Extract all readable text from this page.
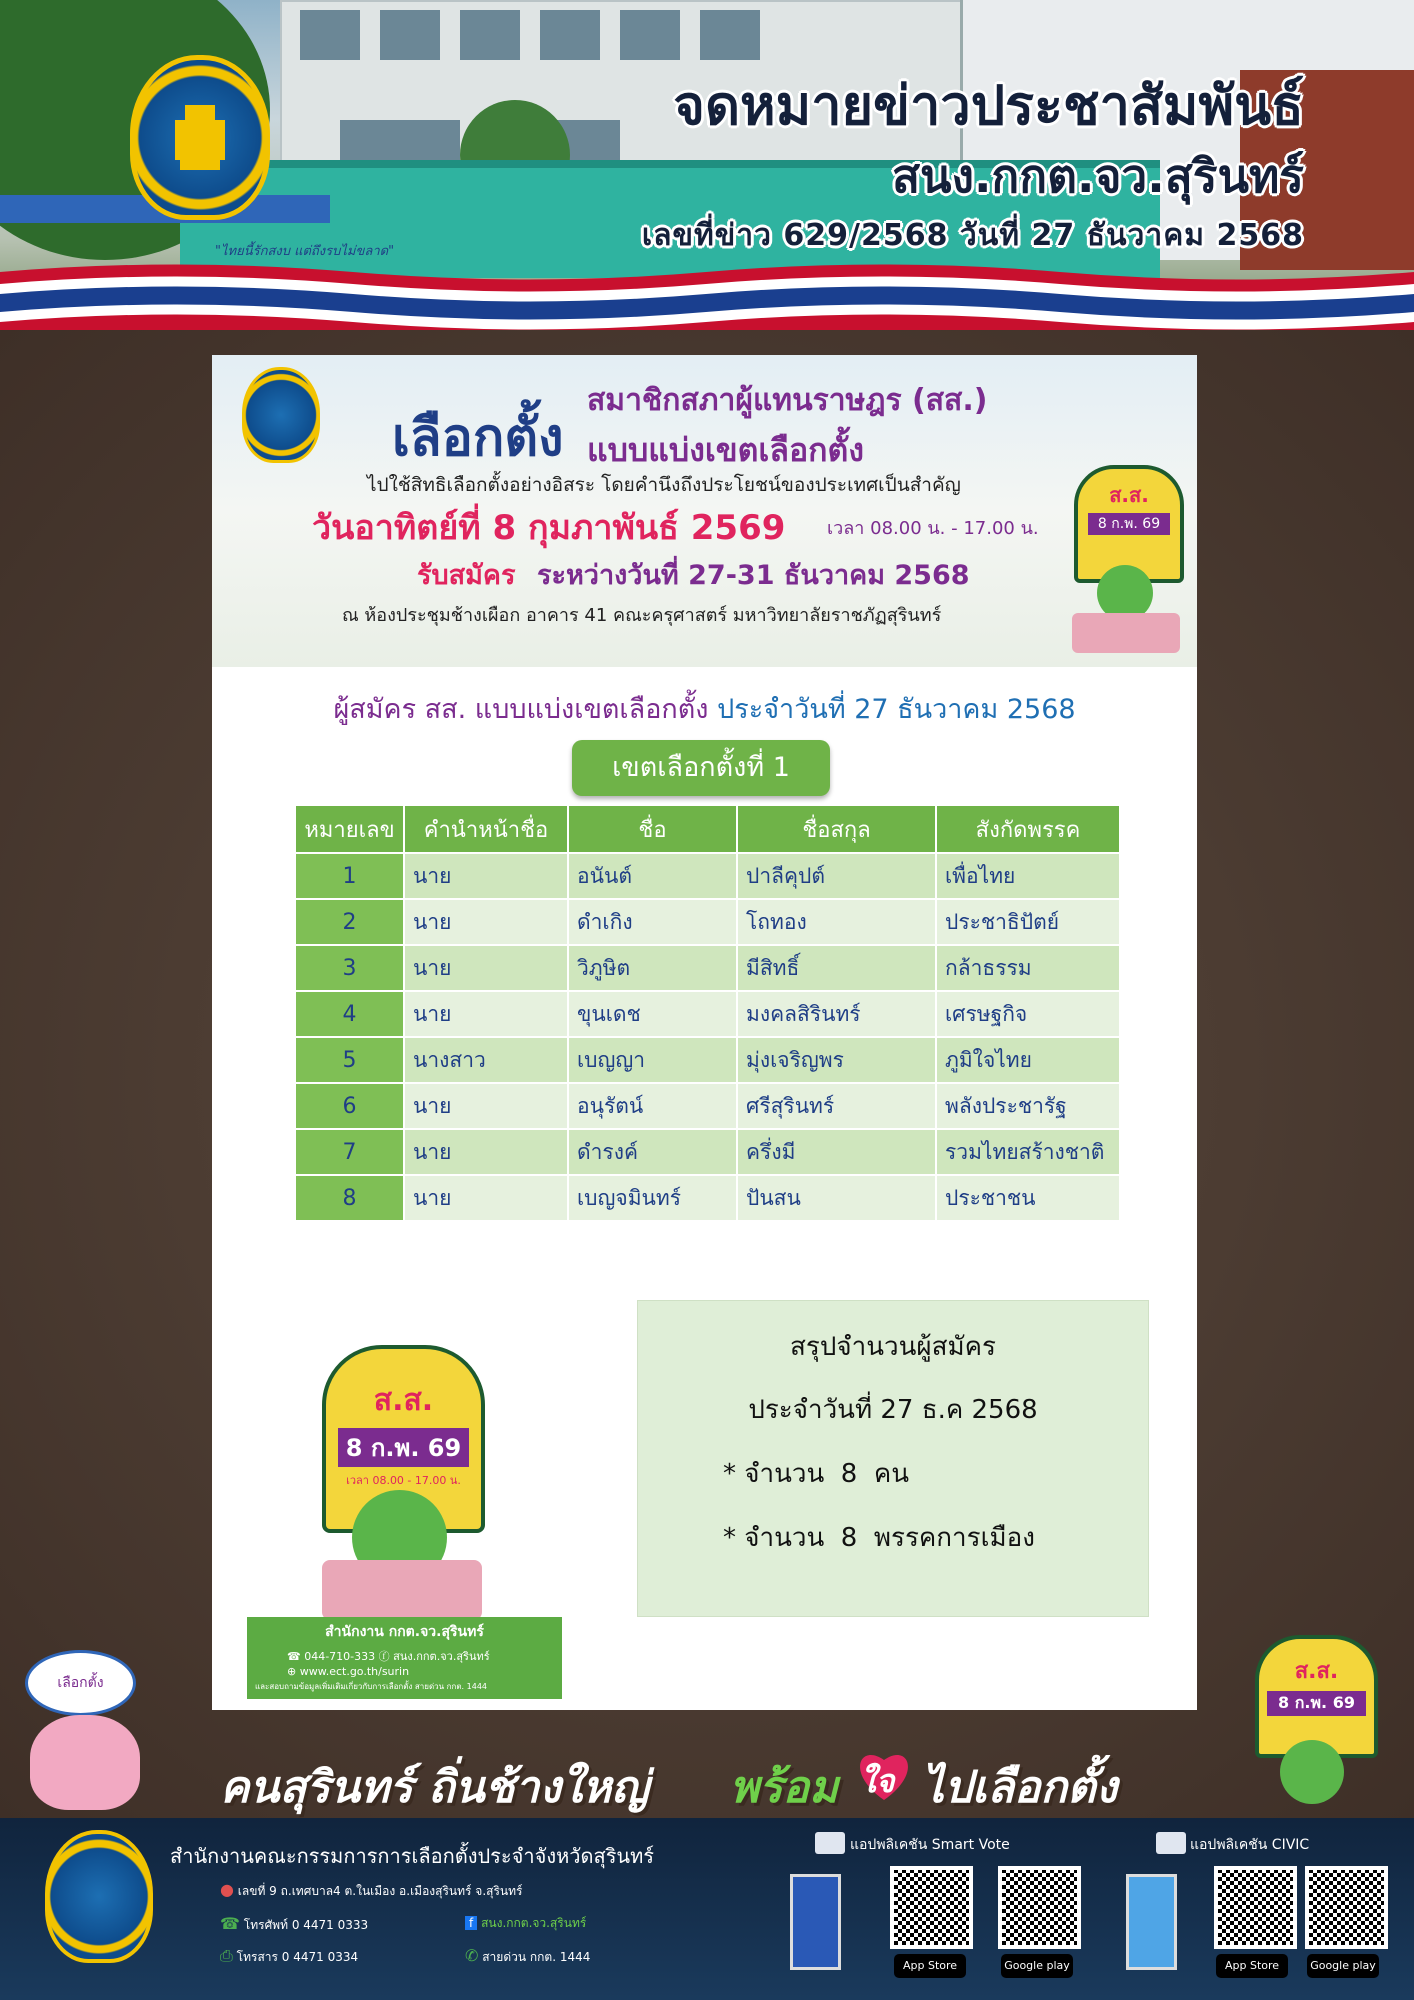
"ไทยนี้รักสงบ แต่ถึงรบไม่ขลาด"
จดหมายข่าวประชาสัมพันธ์
สนง.กกต.จว.สุรินทร์
เลขที่ข่าว 629/2568 วันที่ 27 ธันวาคม 2568
เลือกตั้ง
สมาชิกสภาผู้แทนราษฎร (สส.)
แบบแบ่งเขตเลือกตั้ง
ไปใช้สิทธิเลือกตั้งอย่างอิสระ โดยคำนึงถึงประโยชน์ของประเทศเป็นสำคัญ
วันอาทิตย์ที่ 8 กุมภาพันธ์ 2569 เวลา 08.00 น. - 17.00 น.
รับสมัคร ระหว่างวันที่ 27-31 ธันวาคม 2568
ณ ห้องประชุมช้างเผือก อาคาร 41 คณะครุศาสตร์ มหาวิทยาลัยราชภัฏสุรินทร์
ส.ส.
8 ก.พ. 69
ผู้สมัคร สส. แบบแบ่งเขตเลือกตั้ง ประจำวันที่ 27 ธันวาคม 2568
เขตเลือกตั้งที่ 1
หมายเลข	คำนำหน้าชื่อ	ชื่อ	ชื่อสกุล	สังกัดพรรค
1	นาย	อนันต์	ปาลีคุปต์	เพื่อไทย
2	นาย	ดำเกิง	โถทอง	ประชาธิปัตย์
3	นาย	วิภูษิต	มีสิทธิ์	กล้าธรรม
4	นาย	ขุนเดช	มงคลสิรินทร์	เศรษฐกิจ
5	นางสาว	เบญญา	มุ่งเจริญพร	ภูมิใจไทย
6	นาย	อนุรัตน์	ศรีสุรินทร์	พลังประชารัฐ
7	นาย	ดำรงค์	ครึ่งมี	รวมไทยสร้างชาติ
8	นาย	เบญจมินทร์	ปันสน	ประชาชน
สรุปจำนวนผู้สมัคร
ประจำวันที่ 27 ธ.ค 2568
* จำนวน  8  คน
* จำนวน  8  พรรคการเมือง
ส.ส.
8 ก.พ. 69
เวลา 08.00 - 17.00 น.
สำนักงาน กกต.จว.สุรินทร์
☎ 044-710-333 ⓕ สนง.กกต.จว.สุรินทร์
⊕ www.ect.go.th/surin
และสอบถามข้อมูลเพิ่มเติมเกี่ยวกับการเลือกตั้ง สายด่วน กกต. 1444
เลือกตั้ง
คนสุรินทร์ ถิ่นช้างใหญ่ พร้อม ใจ ไปเลือกตั้ง
ส.ส.
8 ก.พ. 69
สำนักงานคณะกรรมการการเลือกตั้งประจำจังหวัดสุรินทร์
● เลขที่ 9 ถ.เทศบาล4 ต.ในเมือง อ.เมืองสุรินทร์ จ.สุรินทร์
☎ โทรศัพท์ 0 4471 0333
⎙ โทรสาร 0 4471 0334
f สนง.กกต.จว.สุรินทร์
✆ สายด่วน กกต. 1444
แอปพลิเคชัน Smart Vote
App Store	Google play
แอปพลิเคชัน CIVIC
App Store	Google play
